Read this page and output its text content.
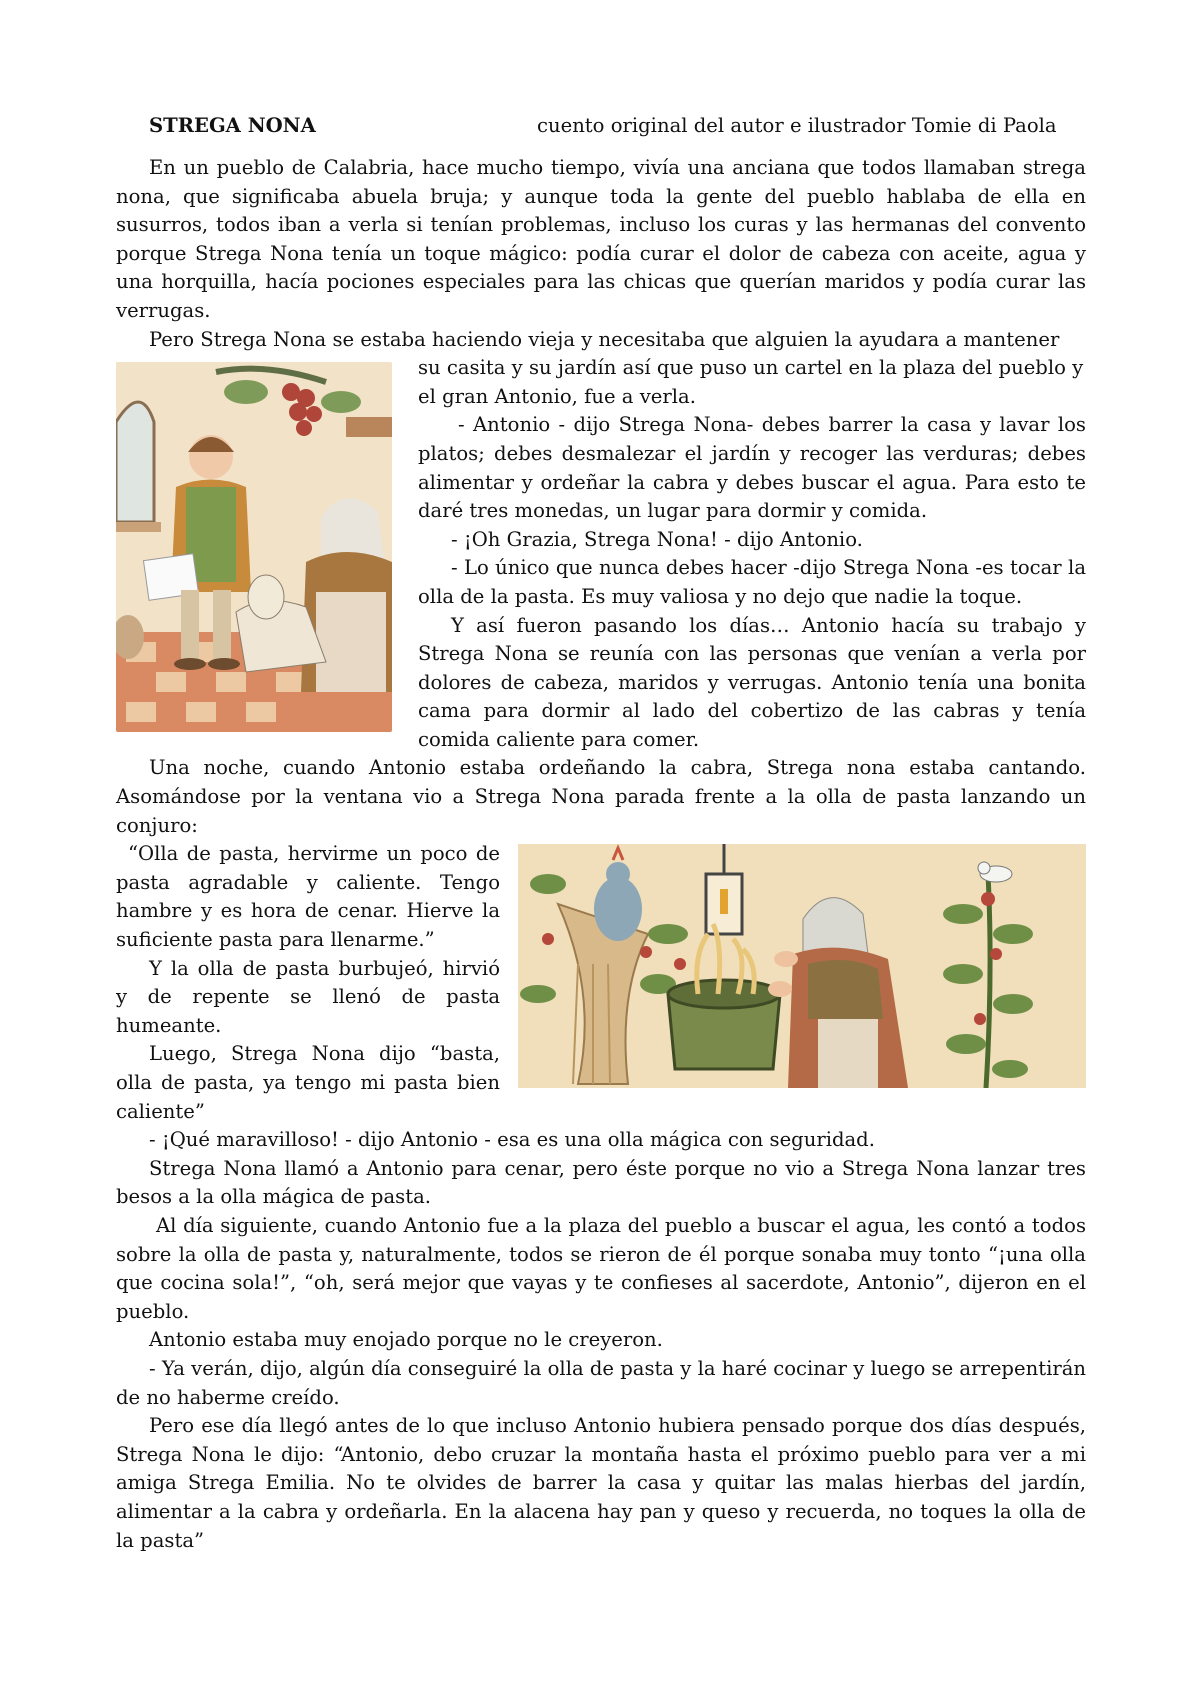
STREGA NONA	cuento original del autor e ilustrador Tomie di Paola

En un pueblo de Calabria, hace mucho tiempo, vivía una anciana que todos llamaban strega nona, que significaba abuela bruja; y aunque toda la gente del pueblo hablaba de ella en susurros, todos iban a verla si tenían problemas, incluso los curas y las hermanas del convento porque Strega Nona tenía un toque mágico: podía curar el dolor de cabeza con aceite, agua y una horquilla, hacía pociones especiales para las chicas que querían maridos y podía curar las verrugas.

Pero Strega Nona se estaba haciendo vieja y necesitaba que alguien la ayudara a mantener

su casita y su jardín así que puso un cartel en la plaza del pueblo y el gran Antonio, fue a verla.

- Antonio - dijo Strega Nona- debes barrer la casa y lavar los platos; debes desmalezar el jardín y recoger las verduras; debes alimentar y ordeñar la cabra y debes buscar el agua. Para esto te daré tres monedas, un lugar para dormir y comida.

- ¡Oh Grazia, Strega Nona! - dijo Antonio.

- Lo único que nunca debes hacer -dijo Strega Nona -es tocar la olla de la pasta. Es muy valiosa y no dejo que nadie la toque.

Y así fueron pasando los días… Antonio hacía su trabajo y Strega Nona se reunía con las personas que venían a verla por dolores de cabeza, maridos y verrugas. Antonio tenía una bonita cama para dormir al lado del cobertizo de las cabras y tenía comida caliente para comer.

Una noche, cuando Antonio estaba ordeñando la cabra, Strega nona estaba cantando. Asomándose por la ventana vio a Strega Nona parada frente a la olla de pasta lanzando un conjuro:

“Olla de pasta, hervirme un poco de pasta agradable y caliente. Tengo hambre y es hora de cenar. Hierve la suficiente pasta para llenarme.”

Y la olla de pasta burbujeó, hirvió y de repente se llenó de pasta humeante.

Luego, Strega Nona dijo “basta, olla de pasta, ya tengo mi pasta bien caliente”

- ¡Qué maravilloso! - dijo Antonio - esa es una olla mágica con seguridad.

Strega Nona llamó a Antonio para cenar, pero éste porque no vio a Strega Nona lanzar tres besos a la olla mágica de pasta.

Al día siguiente, cuando Antonio fue a la plaza del pueblo a buscar el agua, les contó a todos sobre la olla de pasta y, naturalmente, todos se rieron de él porque sonaba muy tonto “¡una olla que cocina sola!”, “oh, será mejor que vayas y te confieses al sacerdote, Antonio”, dijeron en el pueblo.

Antonio estaba muy enojado porque no le creyeron.

- Ya verán, dijo, algún día conseguiré la olla de pasta y la haré cocinar y luego se arrepentirán de no haberme creído.

Pero ese día llegó antes de lo que incluso Antonio hubiera pensado porque dos días después, Strega Nona le dijo: “Antonio, debo cruzar la montaña hasta el próximo pueblo para ver a mi amiga Strega Emilia. No te olvides de barrer la casa y quitar las malas hierbas del jardín, alimentar a la cabra y ordeñarla. En la alacena hay pan y queso y recuerda, no toques la olla de la pasta”
